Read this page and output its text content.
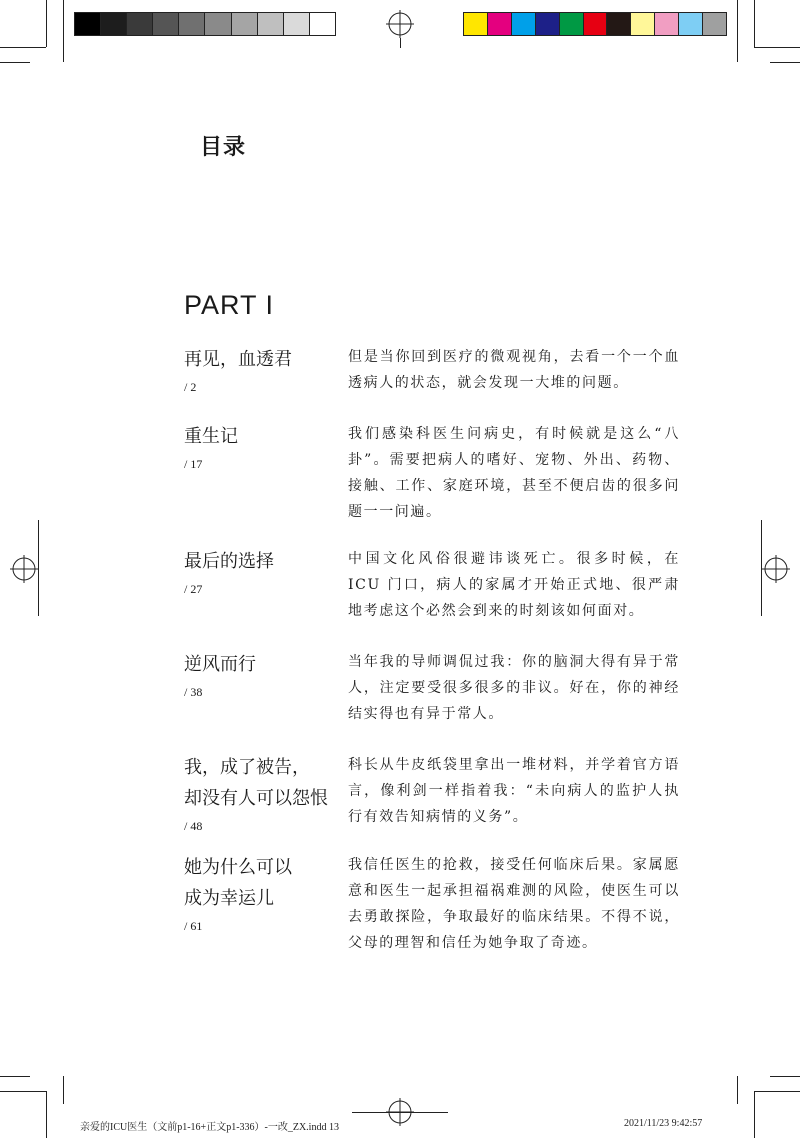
目录
PART I
再见，血透君
/ 2

但是当你回到医疗的微观视角，去看一个一个血透病人的状态，就会发现一大堆的问题。

重生记
/ 17

我们感染科医生问病史，有时候就是这么“八卦”。需要把病人的嗜好、宠物、外出、药物、接触、工作、家庭环境，甚至不便启齿的很多问题一一问遍。

最后的选择
/ 27

中国文化风俗很避讳谈死亡。很多时候，在 ICU 门口，病人的家属才开始正式地、很严肃地考虑这个必然会到来的时刻该如何面对。

逆风而行
/ 38

当年我的导师调侃过我：你的脑洞大得有异于常人，注定要受很多很多的非议。好在，你的神经结实得也有异于常人。

我，成了被告，
却没有人可以怨恨
/ 48

科长从牛皮纸袋里拿出一堆材料，并学着官方语言，像利剑一样指着我：“未向病人的监护人执行有效告知病情的义务”。

她为什么可以
成为幸运儿
/ 61

我信任医生的抢救，接受任何临床后果。家属愿意和医生一起承担福祸难测的风险，使医生可以去勇敢探险，争取最好的临床结果。不得不说，父母的理智和信任为她争取了奇迹。

亲爱的ICU医生（文前p1-16+正文p1-336）-一改_ZX.indd 13	2021/11/23 9:42:57
